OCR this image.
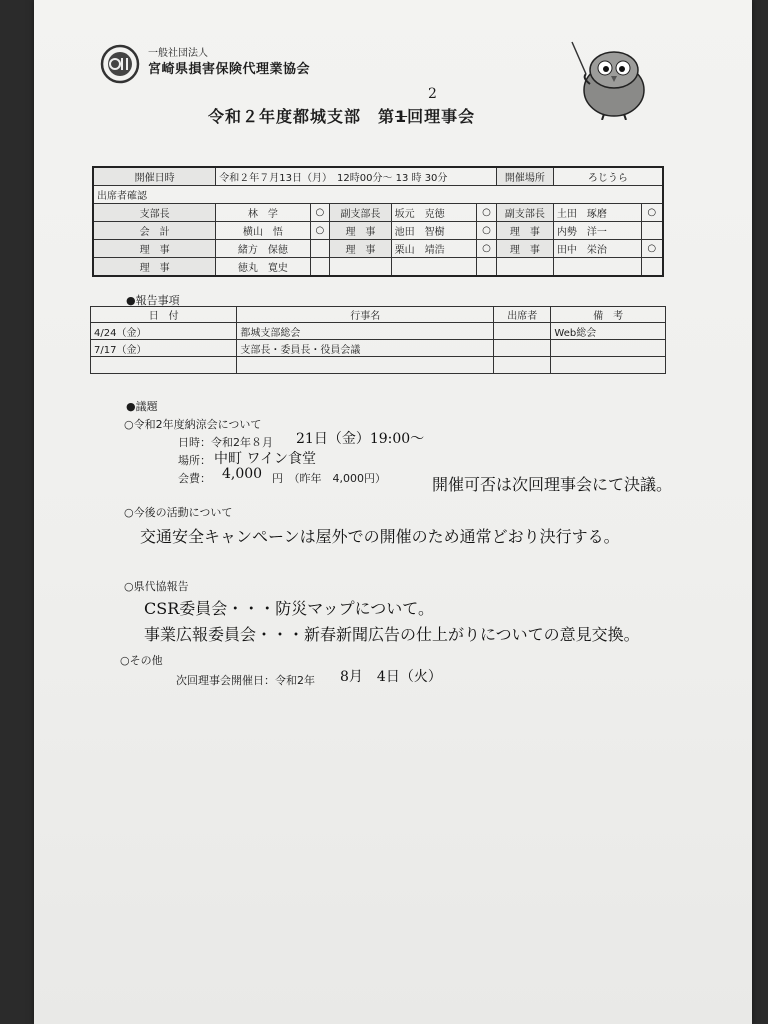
一般社団法人
宮崎県損害保険代理業協会
令和２年度都城支部　第1回理事会
2
開催日時	令和２年７月13日（月）　12時00分～ 13 時 30分					開催場所	ろじうら	
出席者確認								
支部長	林　学	○	副支部長	坂元　克徳	○	副支部長	土田　琢磨	○
会　計	横山　悟	○	理　事	池田　智樹	○	理　事	内勢　洋一	
理　事	緒方　保徳		理　事	栗山　靖浩	○	理　事	田中　栄治	○
理　事	徳丸　寛史							
●報告事項
日　付	行事名	出席者	備　考
4/24（金）	都城支部総会		Web総会
7/17（金）	支部長・委員長・役員会議		

●議題
○令和2年度納涼会について
日時：令和2年８月 21日（金）19:00～
場所： 中町 ワイン食堂
会費： 4,000 円　（昨年　4,000円）	開催可否は次回理事会にて決議。
○今後の活動について
交通安全キャンペーンは屋外での開催のため通常どおり決行する。
○県代協報告
CSR委員会・・・防災マップについて。
事業広報委員会・・・新春新聞広告の仕上がりについての意見交換。
○その他
次回理事会開催日：令和2年 8月　4日（火）
